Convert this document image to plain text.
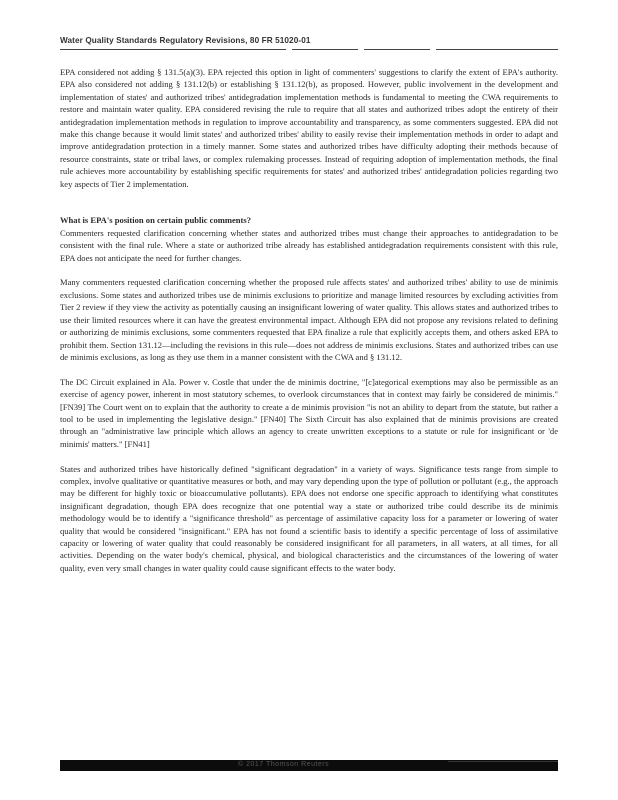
Water Quality Standards Regulatory Revisions, 80 FR 51020-01

EPA considered not adding § 131.5(a)(3). EPA rejected this option in light of commenters' suggestions to clarify the extent of EPA's authority. EPA also considered not adding § 131.12(b) or establishing § 131.12(b), as proposed. However, public involvement in the development and implementation of states' and authorized tribes' antidegradation implementation methods is fundamental to meeting the CWA requirements to restore and maintain water quality. EPA considered revising the rule to require that all states and authorized tribes adopt the entirety of their antidegradation implementation methods in regulation to improve accountability and transparency, as some commenters suggested. EPA did not make this change because it would limit states' and authorized tribes' ability to easily revise their implementation methods in order to adapt and improve antidegradation protection in a timely manner. Some states and authorized tribes have difficulty adopting their methods because of resource constraints, state or tribal laws, or complex rulemaking processes. Instead of requiring adoption of implementation methods, the final rule achieves more accountability by establishing specific requirements for states' and authorized tribes' antidegradation policies regarding two key aspects of Tier 2 implementation.

What is EPA's position on certain public comments?

Commenters requested clarification concerning whether states and authorized tribes must change their approaches to antidegradation to be consistent with the final rule. Where a state or authorized tribe already has established antidegradation requirements consistent with this rule, EPA does not anticipate the need for further changes.

Many commenters requested clarification concerning whether the proposed rule affects states' and authorized tribes' ability to use de minimis exclusions. Some states and authorized tribes use de minimis exclusions to prioritize and manage limited resources by excluding activities from Tier 2 review if they view the activity as potentially causing an insignificant lowering of water quality. This allows states and authorized tribes to use their limited resources where it can have the greatest environmental impact. Although EPA did not propose any revisions related to defining or authorizing de minimis exclusions, some commenters requested that EPA finalize a rule that explicitly accepts them, and others asked EPA to prohibit them. Section 131.12—including the revisions in this rule—does not address de minimis exclusions. States and authorized tribes can use de minimis exclusions, as long as they use them in a manner consistent with the CWA and § 131.12.

The DC Circuit explained in Ala. Power v. Costle that under the de minimis doctrine, "[c]ategorical exemptions may also be permissible as an exercise of agency power, inherent in most statutory schemes, to overlook circumstances that in context may fairly be considered de minimis." [FN39] The Court went on to explain that the authority to create a de minimis provision "is not an ability to depart from the statute, but rather a tool to be used in implementing the legislative design." [FN40] The Sixth Circuit has also explained that de minimis provisions are created through an "administrative law principle which allows an agency to create unwritten exceptions to a statute or rule for insignificant or 'de minimis' matters." [FN41]

States and authorized tribes have historically defined "significant degradation" in a variety of ways. Significance tests range from simple to complex, involve qualitative or quantitative measures or both, and may vary depending upon the type of pollution or pollutant (e.g., the approach may be different for highly toxic or bioaccumulative pollutants). EPA does not endorse one specific approach to identifying what constitutes insignificant degradation, though EPA does recognize that one potential way a state or authorized tribe could describe its de minimis methodology would be to identify a "significance threshold" as percentage of assimilative capacity loss for a parameter or lowering of water quality that would be considered "insignificant." EPA has not found a scientific basis to identify a specific percentage of loss of assimilative capacity or lowering of water quality that could reasonably be considered insignificant for all parameters, in all waters, at all times, for all activities. Depending on the water body's chemical, physical, and biological characteristics and the circumstances of the lowering of water quality, even very small changes in water quality could cause significant effects to the water body.

© 2017 Thomson Reuters
